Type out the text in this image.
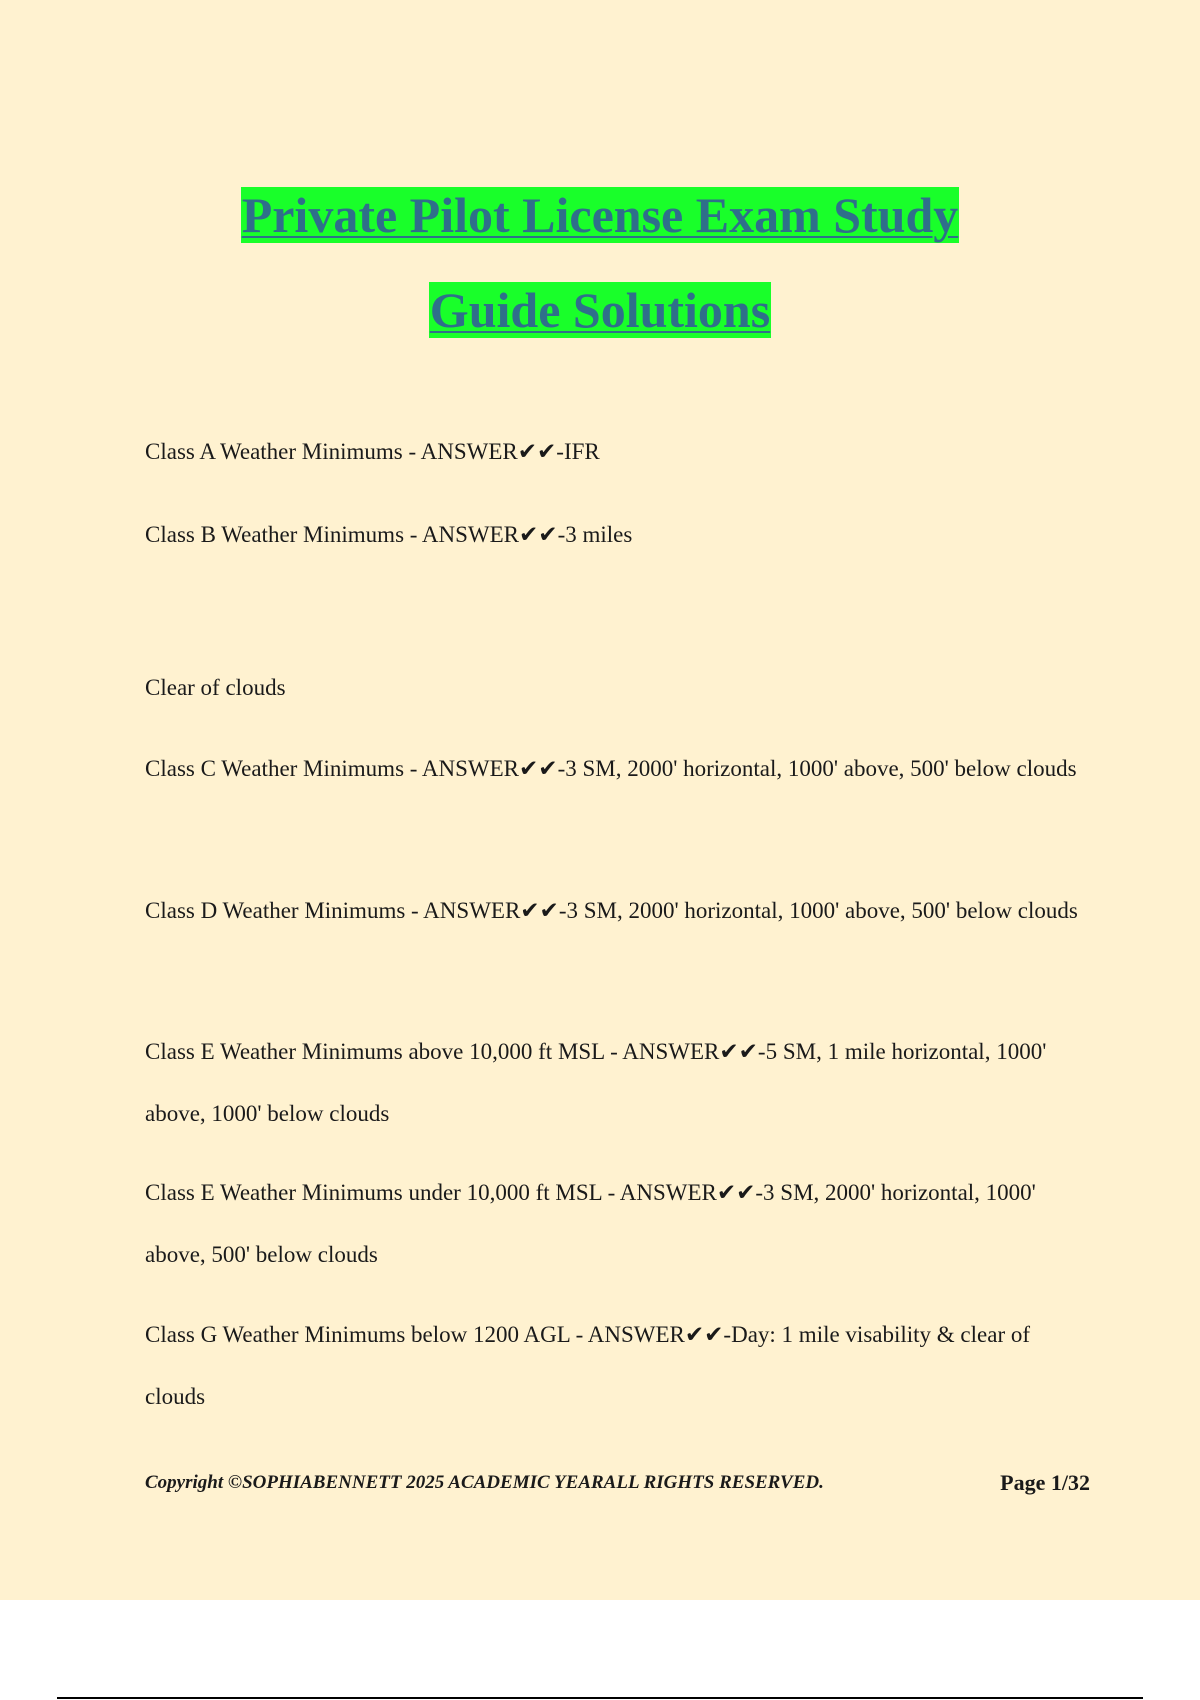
Private Pilot License Exam Study
Guide Solutions

Class A Weather Minimums - ANSWER✔✔-IFR

Class B Weather Minimums - ANSWER✔✔-3 miles

Clear of clouds

Class C Weather Minimums - ANSWER✔✔-3 SM, 2000' horizontal, 1000' above, 500' below clouds

Class D Weather Minimums - ANSWER✔✔-3 SM, 2000' horizontal, 1000' above, 500' below clouds

Class E Weather Minimums above 10,000 ft MSL - ANSWER✔✔-5 SM, 1 mile horizontal, 1000' above, 1000' below clouds

Class E Weather Minimums under 10,000 ft MSL - ANSWER✔✔-3 SM, 2000' horizontal, 1000' above, 500' below clouds

Class G Weather Minimums below 1200 AGL - ANSWER✔✔-Day: 1 mile visability & clear of clouds

Copyright ©SOPHIABENNETT 2025 ACADEMIC YEARALL RIGHTS RESERVED.	Page 1/32
